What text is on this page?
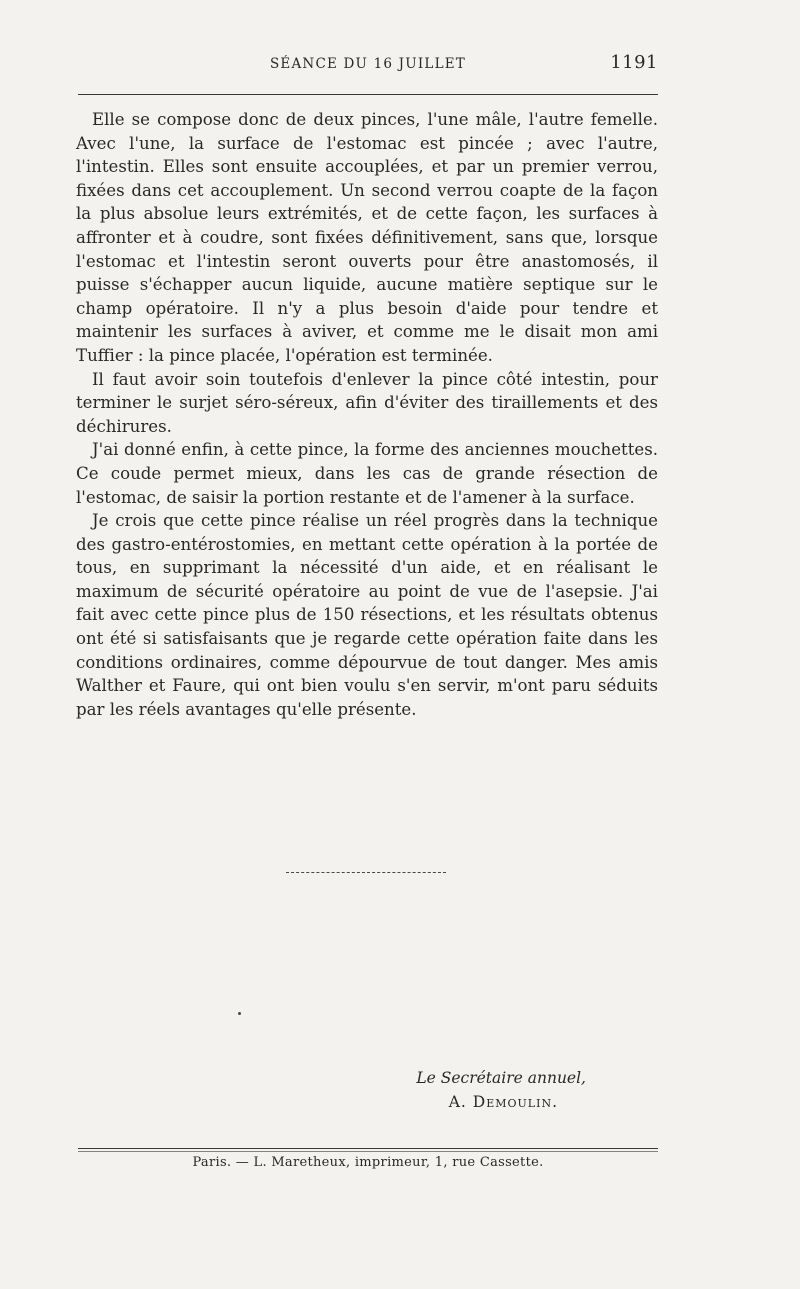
SÉANCE DU 16 JUILLET	1191

Elle se compose donc de deux pinces, l'une mâle, l'autre femelle. Avec l'une, la surface de l'estomac est pincée ; avec l'autre, l'intestin. Elles sont ensuite accouplées, et par un premier verrou, fixées dans cet accouplement. Un second verrou coapte de la façon la plus absolue leurs extrémités, et de cette façon, les surfaces à affronter et à coudre, sont fixées définitivement, sans que, lorsque l'estomac et l'intestin seront ouverts pour être anastomosés, il puisse s'échapper aucun liquide, aucune matière septique sur le champ opératoire. Il n'y a plus besoin d'aide pour tendre et maintenir les surfaces à aviver, et comme me le disait mon ami Tuffier : la pince placée, l'opération est terminée.

Il faut avoir soin toutefois d'enlever la pince côté intestin, pour terminer le surjet séro-séreux, afin d'éviter des tiraillements et des déchirures.

J'ai donné enfin, à cette pince, la forme des anciennes mouchettes. Ce coude permet mieux, dans les cas de grande résection de l'estomac, de saisir la portion restante et de l'amener à la surface.

Je crois que cette pince réalise un réel progrès dans la technique des gastro-entérostomies, en mettant cette opération à la portée de tous, en supprimant la nécessité d'un aide, et en réalisant le maximum de sécurité opératoire au point de vue de l'asepsie. J'ai fait avec cette pince plus de 150 résections, et les résultats obtenus ont été si satisfaisants que je regarde cette opération faite dans les conditions ordinaires, comme dépourvue de tout danger. Mes amis Walther et Faure, qui ont bien voulu s'en servir, m'ont paru séduits par les réels avantages qu'elle présente.

Le Secrétaire annuel,
A. Demoulin.
Paris. — L. Maretheux, imprimeur, 1, rue Cassette.
